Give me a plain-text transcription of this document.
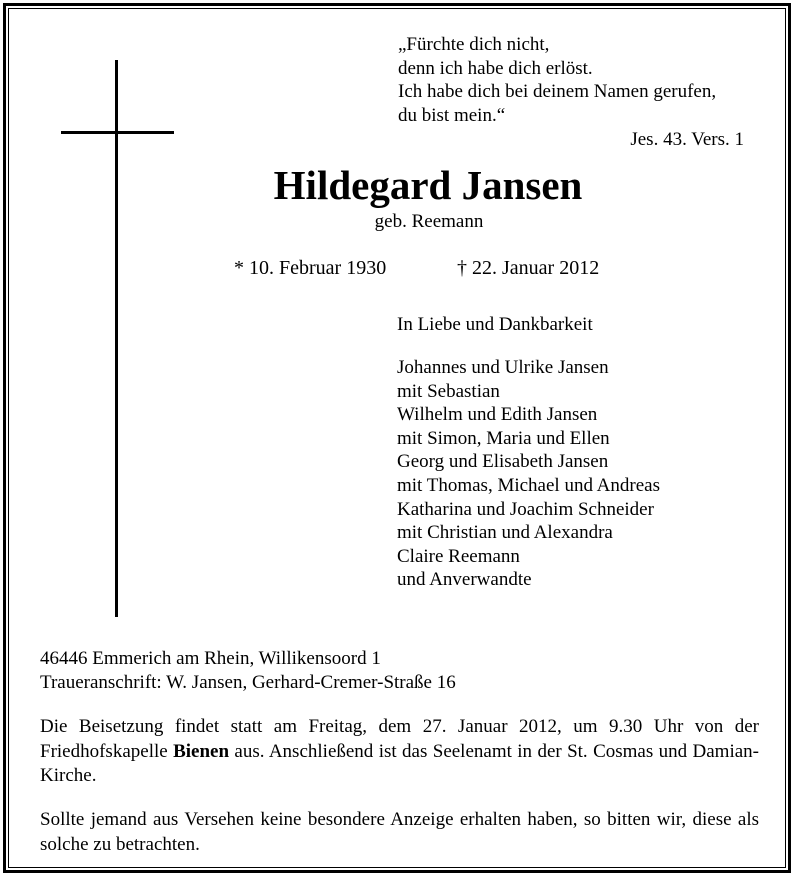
„Fürchte dich nicht,
denn ich habe dich erlöst.
Ich habe dich bei deinem Namen gerufen,
du bist mein.“
Jes. 43. Vers. 1
Hildegard Jansen
geb. Reemann
* 10. Februar 1930	† 22. Januar 2012
In Liebe und Dankbarkeit
Johannes und Ulrike Jansen
mit Sebastian
Wilhelm und Edith Jansen
mit Simon, Maria und Ellen
Georg und Elisabeth Jansen
mit Thomas, Michael und Andreas
Katharina und Joachim Schneider
mit Christian und Alexandra
Claire Reemann
und Anverwandte
46446 Emmerich am Rhein, Willikensoord 1
Traueranschrift: W. Jansen, Gerhard-Cremer-Straße 16
Die Beisetzung findet statt am Freitag, dem 27. Januar 2012, um 9.30 Uhr von der Friedhofskapelle Bienen aus. Anschließend ist das Seelenamt in der St. Cosmas und Damian-Kirche.
Sollte jemand aus Versehen keine besondere Anzeige erhalten haben, so bitten wir, diese als solche zu betrachten.
